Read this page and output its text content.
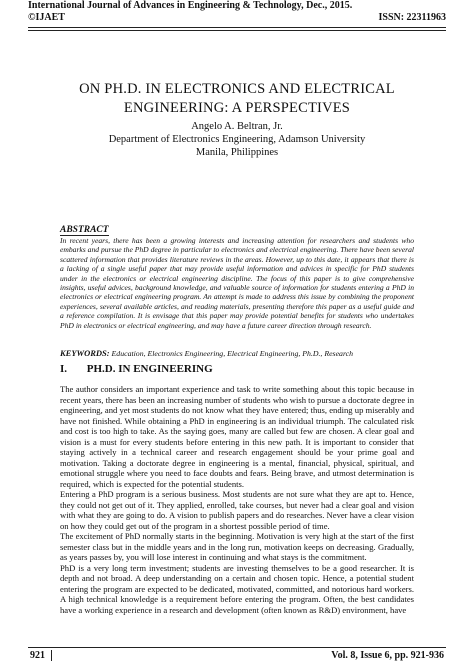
International Journal of Advances in Engineering & Technology, Dec., 2015.
©IJAET	ISSN: 22311963
ON PH.D. IN ELECTRONICS AND ELECTRICAL
ENGINEERING: A PERSPECTIVES
Angelo A. Beltran, Jr.
Department of Electronics Engineering, Adamson University
Manila, Philippines
ABSTRACT
In recent years, there has been a growing interests and increasing attention for researchers and students who embarks and pursue the PhD degree in particular to electronics and electrical engineering. There have been several scattered information that provides literature reviews in the areas. However, up to this date, it appears that there is a lacking of a single useful paper that may provide useful information and advices in specific for PhD students under in the electronics or electrical engineering discipline. The focus of this paper is to give comprehensive insights, useful advices, background knowledge, and valuable source of information for students entering a PhD in electronics or electrical engineering program. An attempt is made to address this issue by combining the proponent experiences, several available articles, and reading materials, presenting therefore this paper as a useful guide and a reference compilation. It is envisage that this paper may provide potential benefits for students who undertakes PhD in electronics or electrical engineering, and may have a future career direction through research.
KEYWORDS: Education, Electronics Engineering, Electrical Engineering, Ph.D., Research
I. PH.D. IN ENGINEERING

The author considers an important experience and task to write something about this topic because in recent years, there has been an increasing number of students who wish to pursue a doctorate degree in engineering, and yet most students do not know what they have entered; thus, ending up miserably and have not finished. While obtaining a PhD in engineering is an individual triumph. The calculated risk and cost is too high to take. As the saying goes, many are called but few are chosen. A clear goal and vision is a must for every students before entering in this new path. It is important to consider that staying actively in a technical career and research engagement should be your prime goal and motivation. Taking a doctorate degree in engineering is a mental, financial, physical, spiritual, and emotional struggle where you need to face doubts and fears. Being brave, and utmost determination is required, which is expected for the potential students.

Entering a PhD program is a serious business. Most students are not sure what they are apt to. Hence, they could not get out of it. They applied, enrolled, take courses, but never had a clear goal and vision with what they are going to do. A vision to publish papers and do researches. Never have a clear vision on how they could get out of the program in a shortest possible period of time.

The excitement of PhD normally starts in the beginning. Motivation is very high at the start of the first semester class but in the middle years and in the long run, motivation keeps on decreasing. Gradually, as years passes by, you will lose interest in continuing and what stays is the commitment.

PhD is a very long term investment; students are investing themselves to be a good researcher. It is depth and not broad. A deep understanding on a certain and chosen topic. Hence, a potential student entering the program are expected to be dedicated, motivated, committed, and notorious hard workers. A high technical knowledge is a requirement before entering the program. Often, the best candidates have a working experience in a research and development (often known as R&D) environment, have

921	Vol. 8, Issue 6, pp. 921-936
